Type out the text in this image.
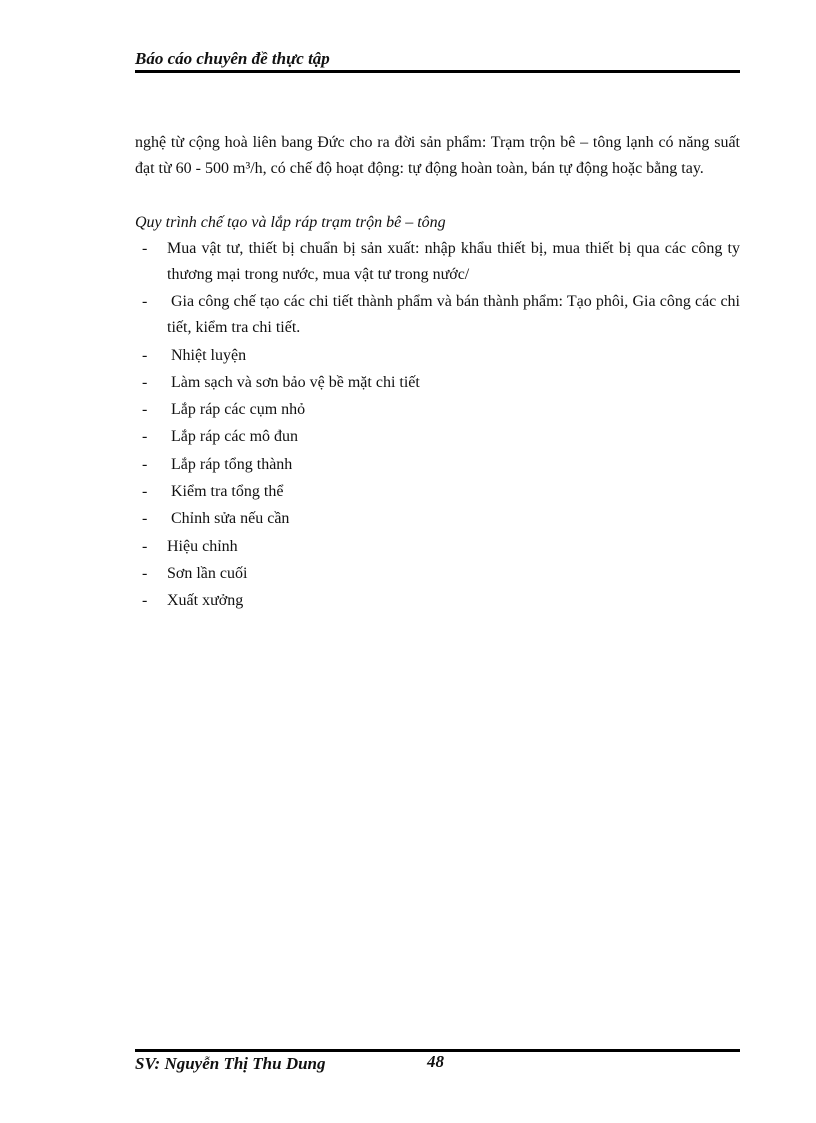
Báo cáo chuyên đề thực tập

nghệ từ cộng hoà liên bang Đức cho ra đời sản phẩm: Trạm trộn bê – tông lạnh có năng suất đạt từ 60 - 500 m³/h, có chế độ hoạt động: tự động hoàn toàn, bán tự động hoặc bằng tay.

Quy trình chế tạo và lắp ráp trạm trộn bê – tông
- Mua vật tư, thiết bị chuẩn bị sản xuất: nhập khẩu thiết bị, mua thiết bị qua các công ty thương mại trong nước, mua vật tư trong nước/
- Gia công chế tạo các chi tiết thành phẩm và bán thành phẩm: Tạo phôi, Gia công các chi tiết, kiểm tra chi tiết.
- Nhiệt luyện
- Làm sạch và sơn bảo vệ bề mặt chi tiết
- Lắp ráp các cụm nhỏ
- Lắp ráp các mô đun
- Lắp ráp tổng thành
- Kiểm tra tổng thể
- Chỉnh sửa nếu cần
- Hiệu chỉnh
- Sơn lần cuối
- Xuất xưởng
SV: Nguyễn Thị Thu Dung	48
